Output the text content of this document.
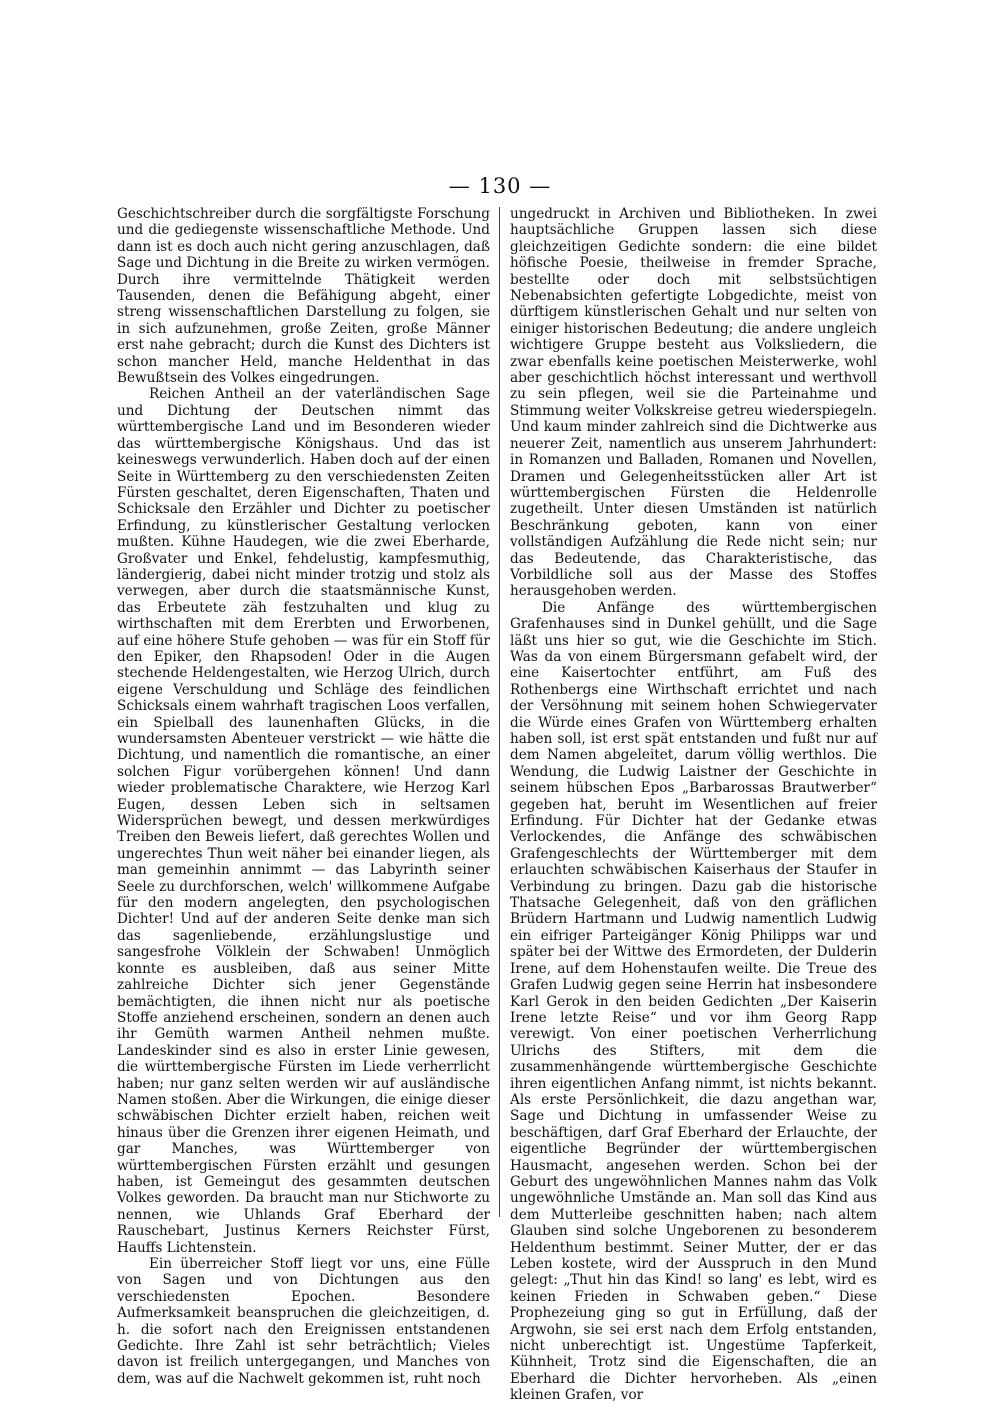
— 130 —

Geschichtschreiber durch die sorgfältigste Forschung und die gediegenste wissenschaftliche Methode. Und dann ist es doch auch nicht gering anzuschlagen, daß Sage und Dichtung in die Breite zu wirken vermögen. Durch ihre vermittelnde Thätigkeit werden Tausenden, denen die Befähigung abgeht, einer streng wissenschaftlichen Darstellung zu folgen, sie in sich aufzunehmen, große Zeiten, große Männer erst nahe gebracht; durch die Kunst des Dichters ist schon mancher Held, manche Heldenthat in das Bewußtsein des Volkes eingedrungen.

Reichen Antheil an der vaterländischen Sage und Dichtung der Deutschen nimmt das württembergische Land und im Besonderen wieder das württembergische Königshaus. Und das ist keineswegs verwunderlich. Haben doch auf der einen Seite in Württemberg zu den verschiedensten Zeiten Fürsten geschaltet, deren Eigenschaften, Thaten und Schicksale den Erzähler und Dichter zu poetischer Erfindung, zu künstlerischer Gestaltung verlocken mußten. Kühne Haudegen, wie die zwei Eberharde, Großvater und Enkel, fehdelustig, kampfesmuthig, ländergierig, dabei nicht minder trotzig und stolz als verwegen, aber durch die staatsmännische Kunst, das Erbeutete zäh festzuhalten und klug zu wirthschaften mit dem Ererbten und Erworbenen, auf eine höhere Stufe gehoben — was für ein Stoff für den Epiker, den Rhapsoden! Oder in die Augen stechende Heldengestalten, wie Herzog Ulrich, durch eigene Verschuldung und Schläge des feindlichen Schicksals einem wahrhaft tragischen Loos verfallen, ein Spielball des launenhaften Glücks, in die wundersamsten Abenteuer verstrickt — wie hätte die Dichtung, und namentlich die romantische, an einer solchen Figur vorübergehen können! Und dann wieder problematische Charaktere, wie Herzog Karl Eugen, dessen Leben sich in seltsamen Widersprüchen bewegt, und dessen merkwürdiges Treiben den Beweis liefert, daß gerechtes Wollen und ungerechtes Thun weit näher bei einander liegen, als man gemeinhin annimmt — das Labyrinth seiner Seele zu durchforschen, welch' willkommene Aufgabe für den modern angelegten, den psychologischen Dichter! Und auf der anderen Seite denke man sich das sagenliebende, erzählungslustige und sangesfrohe Völklein der Schwaben! Unmöglich konnte es ausbleiben, daß aus seiner Mitte zahlreiche Dichter sich jener Gegenstände bemächtigten, die ihnen nicht nur als poetische Stoffe anziehend erscheinen, sondern an denen auch ihr Gemüth warmen Antheil nehmen mußte. Landeskinder sind es also in erster Linie gewesen, die württembergische Fürsten im Liede verherrlicht haben; nur ganz selten werden wir auf ausländische Namen stoßen. Aber die Wirkungen, die einige dieser schwäbischen Dichter erzielt haben, reichen weit hinaus über die Grenzen ihrer eigenen Heimath, und gar Manches, was Württemberger von württembergischen Fürsten erzählt und gesungen haben, ist Gemeingut des gesammten deutschen Volkes geworden. Da braucht man nur Stichworte zu nennen, wie Uhlands Graf Eberhard der Rauschebart, Justinus Kerners Reichster Fürst, Hauffs Lichtenstein.

Ein überreicher Stoff liegt vor uns, eine Fülle von Sagen und von Dichtungen aus den verschiedensten Epochen. Besondere Aufmerksamkeit beanspruchen die gleichzeitigen, d. h. die sofort nach den Ereignissen entstandenen Gedichte. Ihre Zahl ist sehr beträchtlich; Vieles davon ist freilich untergegangen, und Manches von dem, was auf die Nachwelt gekommen ist, ruht noch

ungedruckt in Archiven und Bibliotheken. In zwei hauptsächliche Gruppen lassen sich diese gleichzeitigen Gedichte sondern: die eine bildet höfische Poesie, theilweise in fremder Sprache, bestellte oder doch mit selbstsüchtigen Nebenabsichten gefertigte Lobgedichte, meist von dürftigem künstlerischen Gehalt und nur selten von einiger historischen Bedeutung; die andere ungleich wichtigere Gruppe besteht aus Volksliedern, die zwar ebenfalls keine poetischen Meisterwerke, wohl aber geschichtlich höchst interessant und werthvoll zu sein pflegen, weil sie die Parteinahme und Stimmung weiter Volkskreise getreu wiederspiegeln. Und kaum minder zahlreich sind die Dichtwerke aus neuerer Zeit, namentlich aus unserem Jahrhundert: in Romanzen und Balladen, Romanen und Novellen, Dramen und Gelegenheitsstücken aller Art ist württembergischen Fürsten die Heldenrolle zugetheilt. Unter diesen Umständen ist natürlich Beschränkung geboten, kann von einer vollständigen Aufzählung die Rede nicht sein; nur das Bedeutende, das Charakteristische, das Vorbildliche soll aus der Masse des Stoffes herausgehoben werden.

Die Anfänge des württembergischen Grafenhauses sind in Dunkel gehüllt, und die Sage läßt uns hier so gut, wie die Geschichte im Stich. Was da von einem Bürgersmann gefabelt wird, der eine Kaisertochter entführt, am Fuß des Rothenbergs eine Wirthschaft errichtet und nach der Versöhnung mit seinem hohen Schwiegervater die Würde eines Grafen von Württemberg erhalten haben soll, ist erst spät entstanden und fußt nur auf dem Namen abgeleitet, darum völlig werthlos. Die Wendung, die Ludwig Laistner der Geschichte in seinem hübschen Epos „Barbarossas Brautwerber“ gegeben hat, beruht im Wesentlichen auf freier Erfindung. Für Dichter hat der Gedanke etwas Verlockendes, die Anfänge des schwäbischen Grafengeschlechts der Württemberger mit dem erlauchten schwäbischen Kaiserhaus der Staufer in Verbindung zu bringen. Dazu gab die historische Thatsache Gelegenheit, daß von den gräflichen Brüdern Hartmann und Ludwig namentlich Ludwig ein eifriger Parteigänger König Philipps war und später bei der Wittwe des Ermordeten, der Dulderin Irene, auf dem Hohenstaufen weilte. Die Treue des Grafen Ludwig gegen seine Herrin hat insbesondere Karl Gerok in den beiden Gedichten „Der Kaiserin Irene letzte Reise“ und vor ihm Georg Rapp verewigt. Von einer poetischen Verherrlichung Ulrichs des Stifters, mit dem die zusammenhängende württembergische Geschichte ihren eigentlichen Anfang nimmt, ist nichts bekannt. Als erste Persönlichkeit, die dazu angethan war, Sage und Dichtung in umfassender Weise zu beschäftigen, darf Graf Eberhard der Erlauchte, der eigentliche Begründer der württembergischen Hausmacht, angesehen werden. Schon bei der Geburt des ungewöhnlichen Mannes nahm das Volk ungewöhnliche Umstände an. Man soll das Kind aus dem Mutterleibe geschnitten haben; nach altem Glauben sind solche Ungeborenen zu besonderem Heldenthum bestimmt. Seiner Mutter, der er das Leben kostete, wird der Ausspruch in den Mund gelegt: „Thut hin das Kind! so lang' es lebt, wird es keinen Frieden in Schwaben geben.“ Diese Prophezeiung ging so gut in Erfüllung, daß der Argwohn, sie sei erst nach dem Erfolg entstanden, nicht unberechtigt ist. Ungestüme Tapferkeit, Kühnheit, Trotz sind die Eigenschaften, die an Eberhard die Dichter hervorheben. Als „einen kleinen Grafen, vor
